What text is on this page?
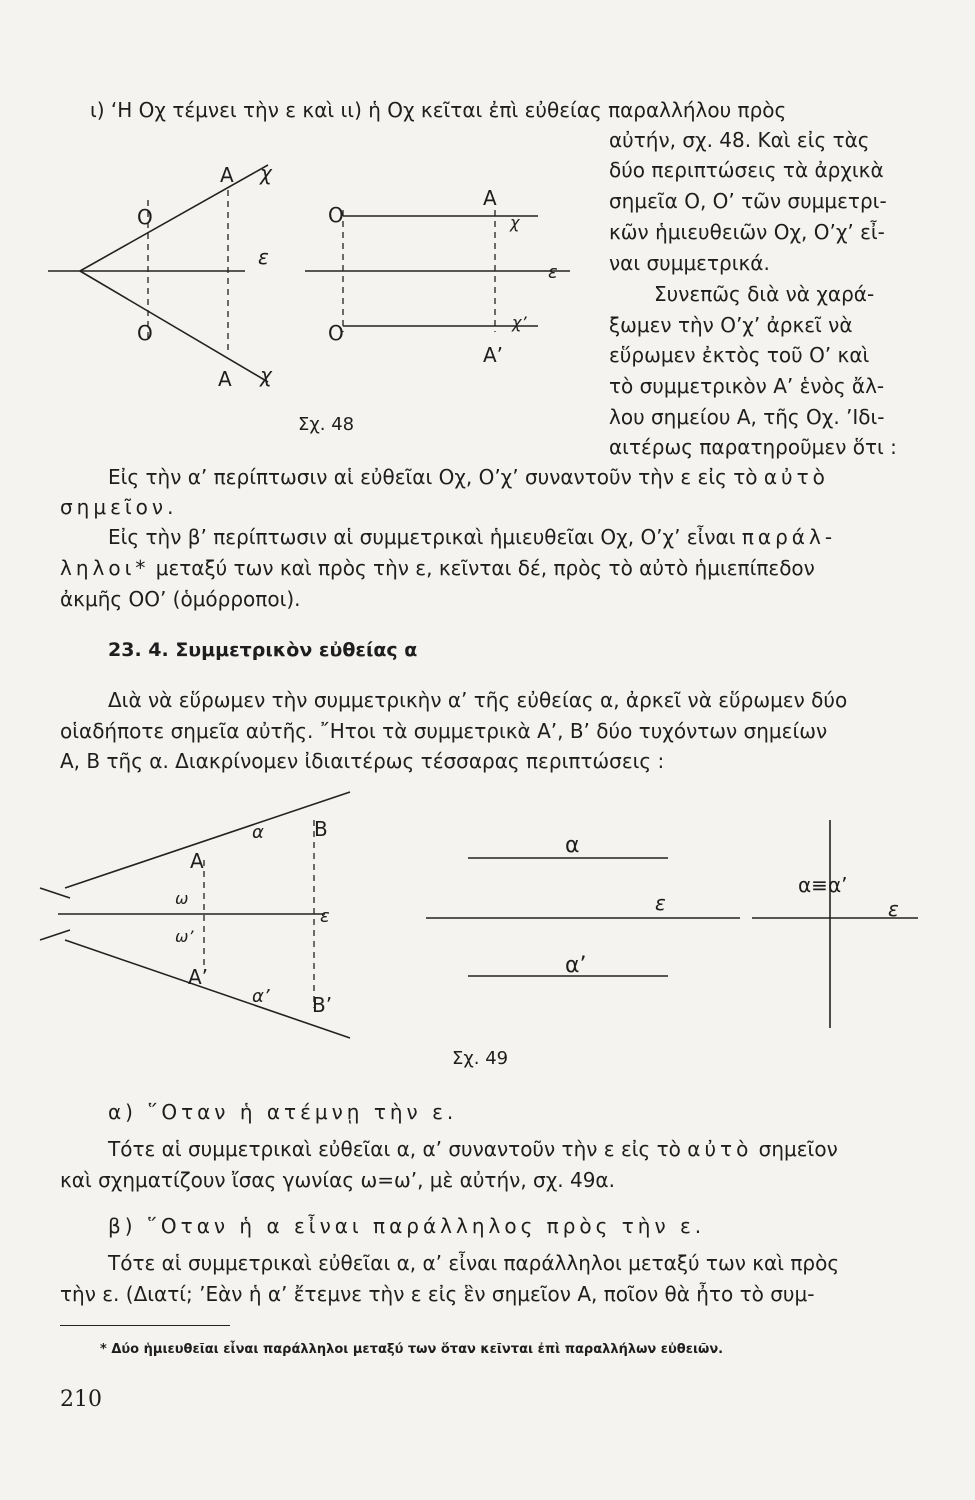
ι) ‘Η Οχ τέμνει τὴν ε καὶ ιι) ἡ Οχ κεῖται ἐπὶ εὐθείας παραλλήλου πρὸς
αὐτήν, σχ. 48. Καὶ εἰς τὰς
δύο περιπτώσεις τὰ ἀρχικὰ
σημεῖα Ο, Ο’ τῶν συμμετρι-
κῶν ἡμιευθειῶν Οχ, Ο’χ’ εἶ-
ναι συμμετρικά.
Συνεπῶς διὰ νὰ χαρά-
ξωμεν τὴν Ο’χ’ ἀρκεῖ νὰ
εὕρωμεν ἐκτὸς τοῦ Ο’ καὶ
τὸ συμμετρικὸν Α’ ἑνὸς ἄλ-
λου σημείου Α, τῆς Οχ. ’Ιδι-
αιτέρως παρατηροῦμεν ὅτι :
Α χ
Ο
ε
Ο
Α χ
Α
χ
Ο
ε
Ο	χ’
Α’
Σχ. 48
Εἰς τὴν α’ περίπτωσιν αἱ εὐθεῖαι Οχ, Ο’χ’ συναντοῦν τὴν ε εἰς τὸ αὐτὸ
σημεῖον.
Εἰς τὴν β’ περίπτωσιν αἱ συμμετρικαὶ ἡμιευθεῖαι Οχ, Ο’χ’ εἶναι παράλ-
ληλοι* μεταξύ των καὶ πρὸς τὴν ε, κεῖνται δέ, πρὸς τὸ αὐτὸ ἡμιεπίπεδον
ἀκμῆς ΟΟ’ (ὁμόρροποι).
23. 4. Συμμετρικὸν εὐθείας α
Διὰ νὰ εὕρωμεν τὴν συμμετρικὴν α’ τῆς εὐθείας α, ἀρκεῖ νὰ εὕρωμεν δύο
οἱαδήποτε σημεῖα αὐτῆς. ῎Ητοι τὰ συμμετρικὰ Α’, Β’ δύο τυχόντων σημείων
Α, Β τῆς α. Διακρίνομεν ἰδιαιτέρως τέσσαρας περιπτώσεις :
α	Β
Α
ω
ε
ω’
Α’
α’ Β’
α
ε
α’
α≡α’
ε
Σχ. 49
α) ῞Οταν ἡ ατέμνῃ τὴν ε.
Τότε αἱ συμμετρικαὶ εὐθεῖαι α, α’ συναντοῦν τὴν ε εἰς τὸ αὐτὸ σημεῖον
καὶ σχηματίζουν ἴσας γωνίας ω=ω’, μὲ αὐτήν, σχ. 49α.
β) ῞Οταν ἡ α εἶναι παράλληλος πρὸς τὴν ε.
Τότε αἱ συμμετρικαὶ εὐθεῖαι α, α’ εἶναι παράλληλοι μεταξύ των καὶ πρὸς
τὴν ε. (Διατί; ’Εὰν ἡ α’ ἔτεμνε τὴν ε εἰς ἓν σημεῖον Α, ποῖον θὰ ἦτο τὸ συμ-
* Δύο ἡμιευθεῖαι εἶναι παράλληλοι μεταξύ των ὅταν κεῖνται ἐπὶ παραλλήλων εὐθειῶν.
210
